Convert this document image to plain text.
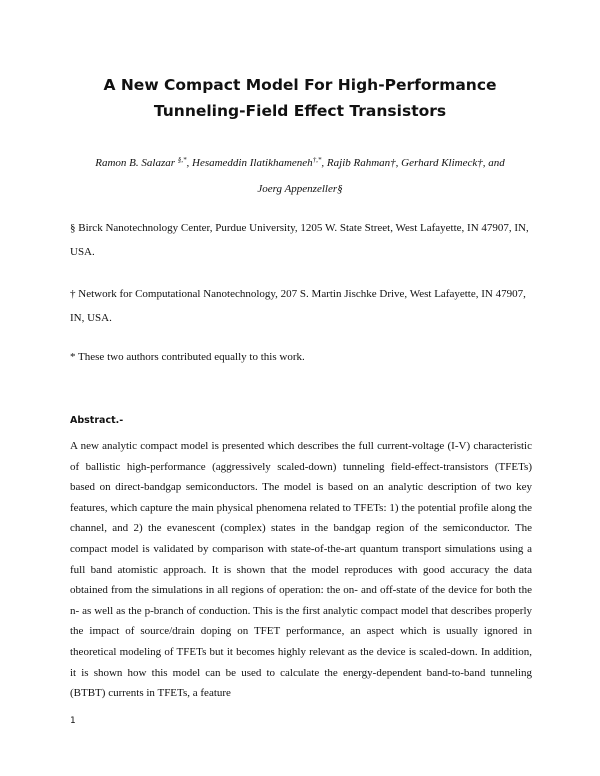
A New Compact Model For High-Performance
Tunneling-Field Effect Transistors
Ramon B. Salazar §,*, Hesameddin Ilatikhameneh†,*, Rajib Rahman†, Gerhard Klimeck†, and
Joerg Appenzeller§
§ Birck Nanotechnology Center, Purdue University, 1205 W. State Street, West Lafayette, IN 47907, IN, USA.
† Network for Computational Nanotechnology, 207 S. Martin Jischke Drive, West Lafayette, IN 47907, IN, USA.
* These two authors contributed equally to this work.
Abstract.-
A new analytic compact model is presented which describes the full current-voltage (I-V) characteristic of ballistic high-performance (aggressively scaled-down) tunneling field-effect-transistors (TFETs) based on direct-bandgap semiconductors. The model is based on an analytic description of two key features, which capture the main physical phenomena related to TFETs: 1) the potential profile along the channel, and 2) the evanescent (complex) states in the bandgap region of the semiconductor. The compact model is validated by comparison with state-of-the-art quantum transport simulations using a full band atomistic approach. It is shown that the model reproduces with good accuracy the data obtained from the simulations in all regions of operation: the on- and off-state of the device for both the n- as well as the p-branch of conduction. This is the first analytic compact model that describes properly the impact of source/drain doping on TFET performance, an aspect which is usually ignored in theoretical modeling of TFETs but it becomes highly relevant as the device is scaled-down. In addition, it is shown how this model can be used to calculate the energy-dependent band-to-band tunneling (BTBT) currents in TFETs, a feature
1
